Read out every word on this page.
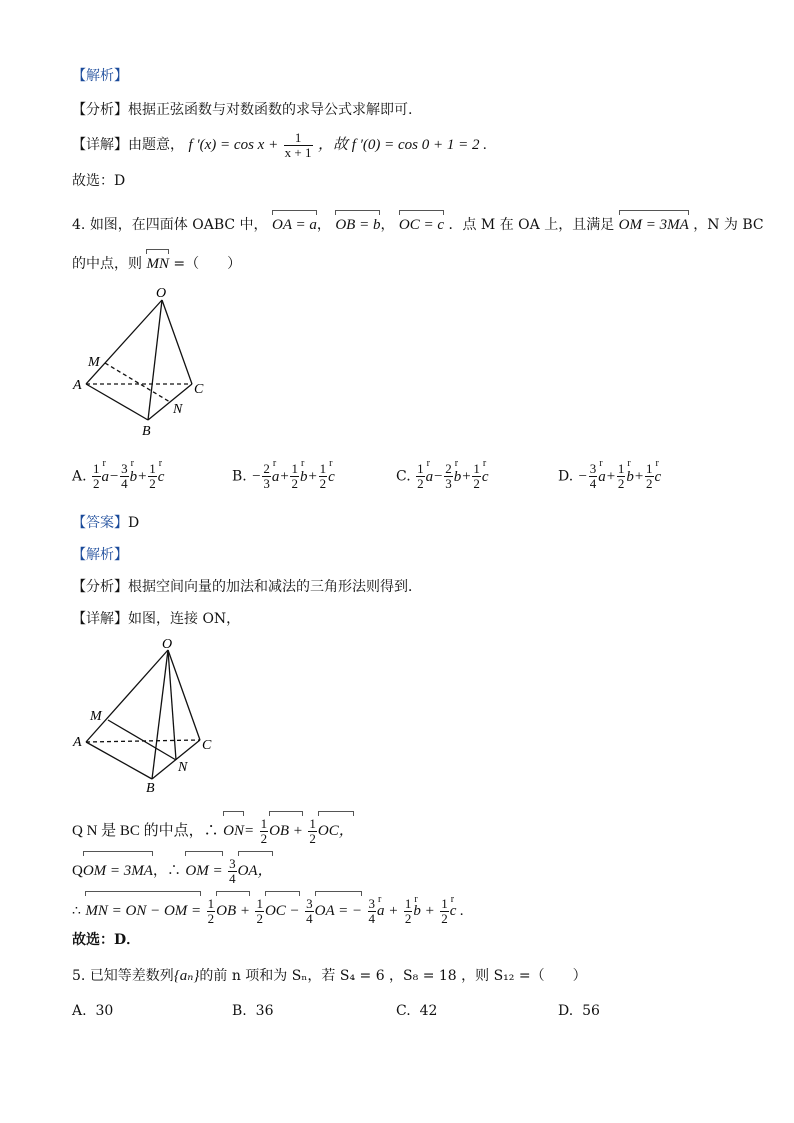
【解析】
【分析】根据正弦函数与对数函数的求导公式求解即可.
【详解】由题意， f $'(x) = \cos x + \frac{1}{x + 1}$ ，故 f ′(0) = cos 0 + 1 = 2 .
故选：D
4. 如图，在四面体 OABC 中， OA = a， OB = b， OC = c ．点 M 在 OA 上，且满足 OM = 3MA ，N 为 BC
的中点，则 MN =（　　）
O
M
A
B
C
N
A. $\frac{1}{2}$ r $a- \frac{3}{4}$ r $b+ \frac{1}{2}$ r c	B. − $\frac{2}{3}$ r $a+ \frac{1}{2}$ r $b+ \frac{1}{2}$ r c	C. $\frac{1}{2}$ r $a- \frac{2}{3}$ r $b+ \frac{1}{2}$ r c	D. − $\frac{3}{4}$ r $a+ \frac{1}{2}$ r $b+ \frac{1}{2}$ r c
【答案】D
【解析】
【分析】根据空间向量的加法和减法的三角形法则得到．
【详解】如图，连接 ON，
O
M
A
B
C
N
Q N 是 BC 的中点，∴ $ON= \frac{1}{2}$ OB + $\frac{1}{2}$ OC，
QOM = 3MA，∴ OM = $\frac{3}{4}$ OA，
∴ MN = ON − OM = $\frac{1}{2}$ OB + $\frac{1}{2}$ OC − $\frac{3}{4}$ OA = − $\frac{3}{4}$ r $a + \frac{1}{2}$ r $b + \frac{1}{2}$ r c .
故选：D．
5. 已知等差数列{aₙ}的前 n 项和为 Sₙ，若 S₄ = 6 ，S₈ = 18 ，则 S₁₂ =（　　）
A. 30	B. 36	C. 42	D. 56
